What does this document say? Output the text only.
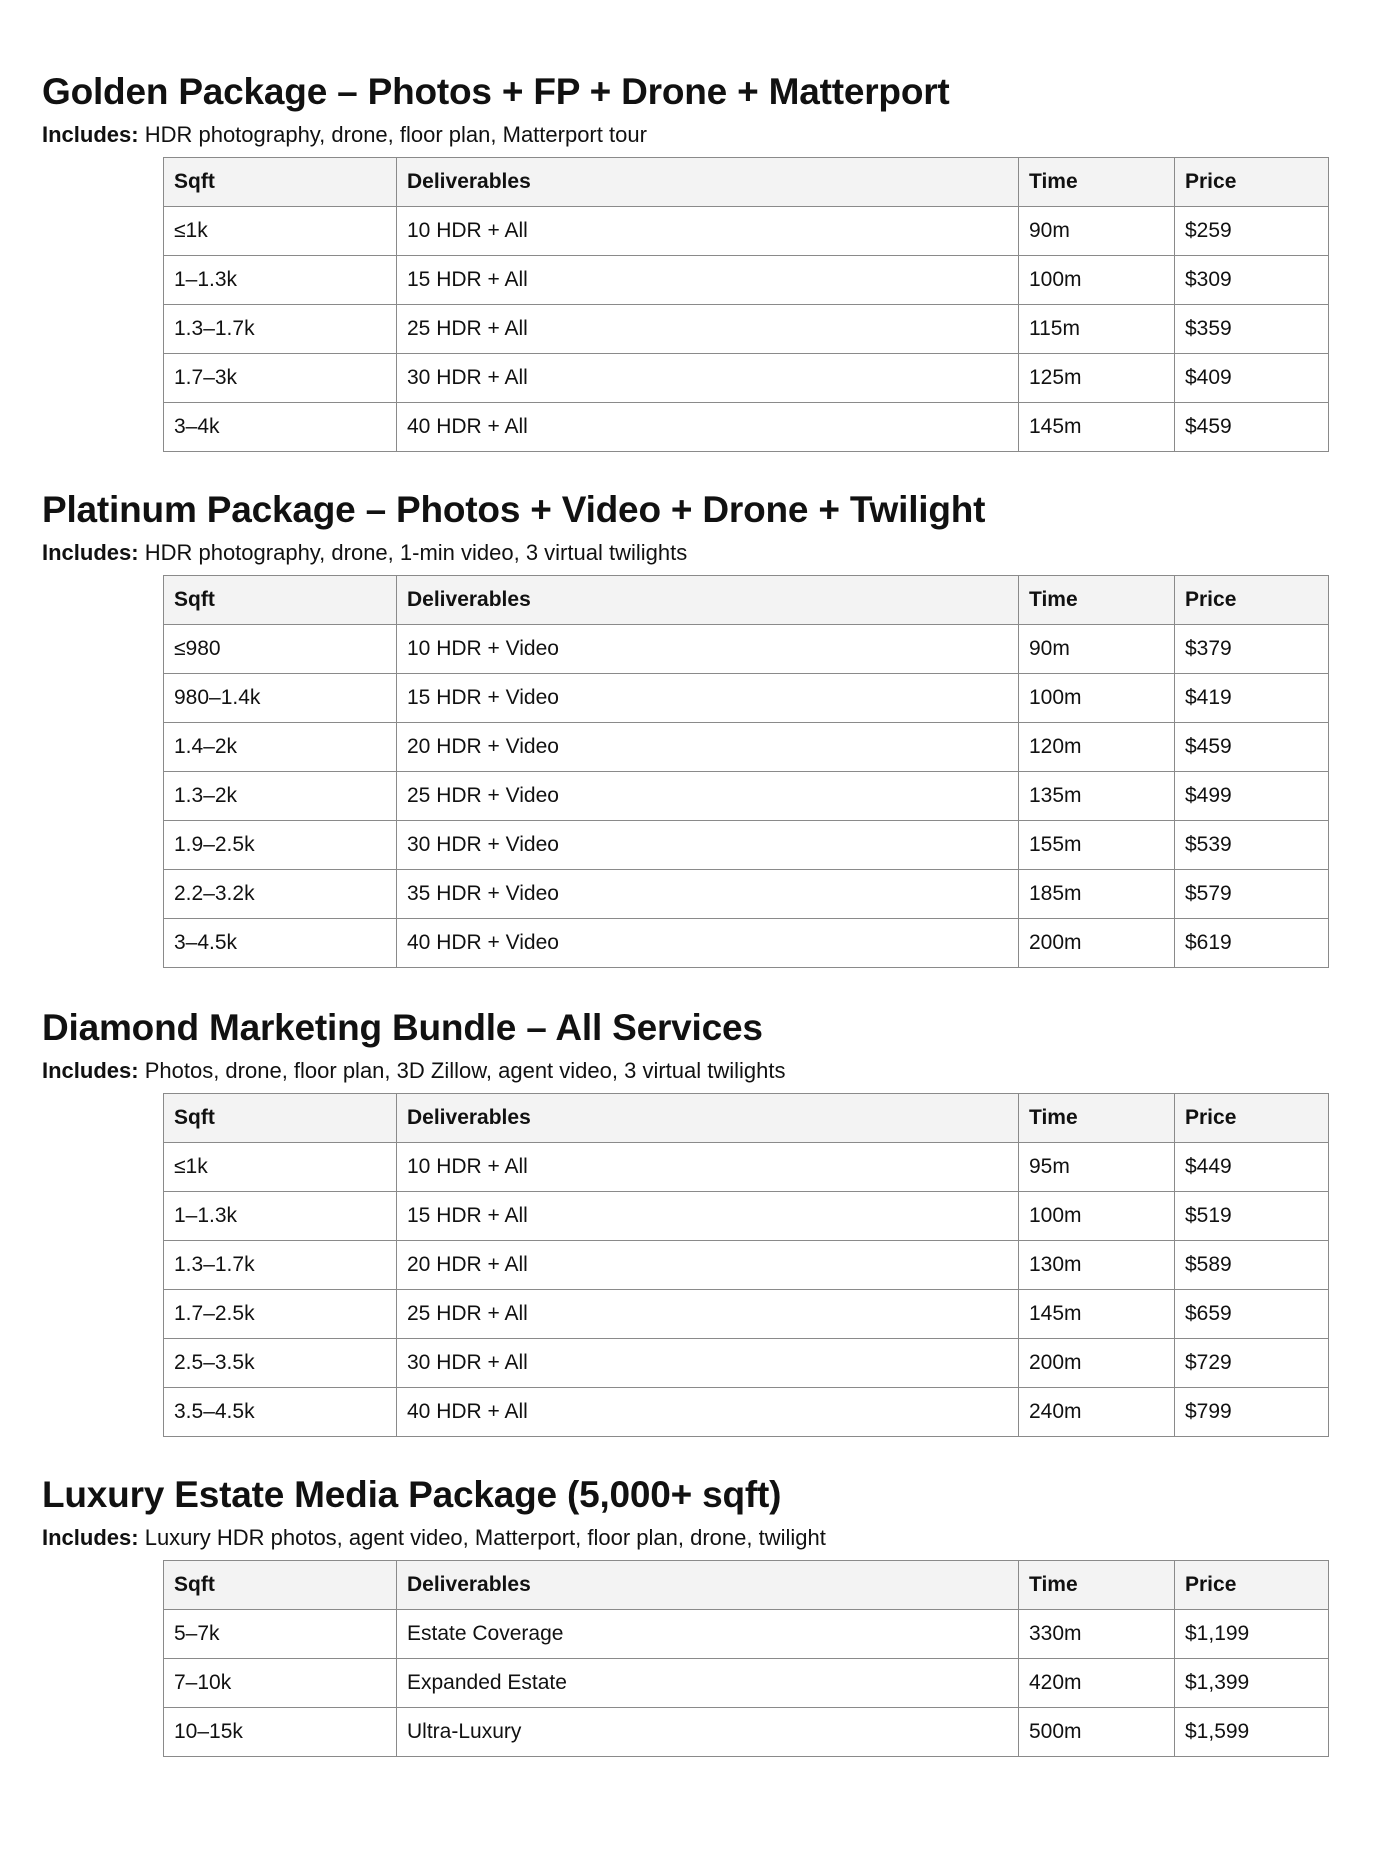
Golden Package – Photos + FP + Drone + Matterport

Includes: HDR photography, drone, floor plan, Matterport tour

Sqft	Deliverables	Time	Price
≤1k	10 HDR + All	90m	$259
1–1.3k	15 HDR + All	100m	$309
1.3–1.7k	25 HDR + All	115m	$359
1.7–3k	30 HDR + All	125m	$409
3–4k	40 HDR + All	145m	$459
Platinum Package – Photos + Video + Drone + Twilight

Includes: HDR photography, drone, 1-min video, 3 virtual twilights

Sqft	Deliverables	Time	Price
≤980	10 HDR + Video	90m	$379
980–1.4k	15 HDR + Video	100m	$419
1.4–2k	20 HDR + Video	120m	$459
1.3–2k	25 HDR + Video	135m	$499
1.9–2.5k	30 HDR + Video	155m	$539
2.2–3.2k	35 HDR + Video	185m	$579
3–4.5k	40 HDR + Video	200m	$619
Diamond Marketing Bundle – All Services

Includes: Photos, drone, floor plan, 3D Zillow, agent video, 3 virtual twilights

Sqft	Deliverables	Time	Price
≤1k	10 HDR + All	95m	$449
1–1.3k	15 HDR + All	100m	$519
1.3–1.7k	20 HDR + All	130m	$589
1.7–2.5k	25 HDR + All	145m	$659
2.5–3.5k	30 HDR + All	200m	$729
3.5–4.5k	40 HDR + All	240m	$799
Luxury Estate Media Package (5,000+ sqft)

Includes: Luxury HDR photos, agent video, Matterport, floor plan, drone, twilight

Sqft	Deliverables	Time	Price
5–7k	Estate Coverage	330m	$1,199
7–10k	Expanded Estate	420m	$1,399
10–15k	Ultra-Luxury	500m	$1,599
